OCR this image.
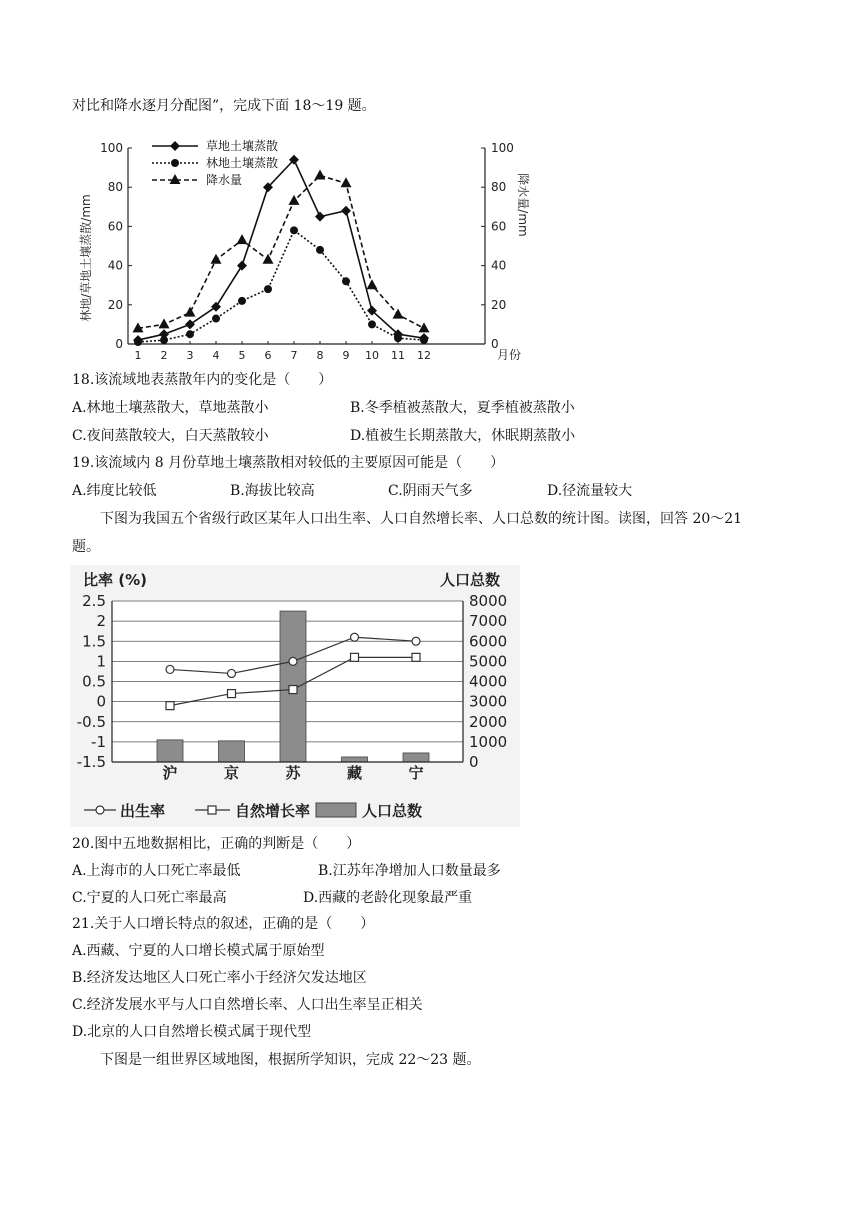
对比和降水逐月分配图”，完成下面 18～19 题。
0
20
40
60
80
100
0
20
40
60
80
100
1 2 3 4 5 6 7 8 9 10 11 12	月份
草地土壤蒸散
林地土壤蒸散
降水量
林地/草地土壤蒸散/mm	降水量/mm
18.该流域地表蒸散年内的变化是（　　）
A.林地土壤蒸散大，草地蒸散小	B.冬季植被蒸散大，夏季植被蒸散小
C.夜间蒸散较大，白天蒸散较小	D.植被生长期蒸散大，休眠期蒸散小
19.该流域内 8 月份草地土壤蒸散相对较低的主要原因可能是（　　）
A.纬度比较低	B.海拔比较高	C.阴雨天气多	D.径流量较大
下图为我国五个省级行政区某年人口出生率、人口自然增长率、人口总数的统计图。读图，回答 20～21
题。
-1.5
-1
-0.5
0
0.5
1
1.5
2
2.5
0
1000
2000
3000
4000
5000
6000
7000
8000
沪	京	苏	藏	宁
出生率	自然增长率	人口总数
比率 (%)	人口总数
20.图中五地数据相比，正确的判断是（　　）
A.上海市的人口死亡率最低	B.江苏年净增加人口数量最多
C.宁夏的人口死亡率最高	D.西藏的老龄化现象最严重
21.关于人口增长特点的叙述，正确的是（　　）
A.西藏、宁夏的人口增长模式属于原始型
B.经济发达地区人口死亡率小于经济欠发达地区
C.经济发展水平与人口自然增长率、人口出生率呈正相关
D.北京的人口自然增长模式属于现代型
下图是一组世界区域地图，根据所学知识，完成 22～23 题。
